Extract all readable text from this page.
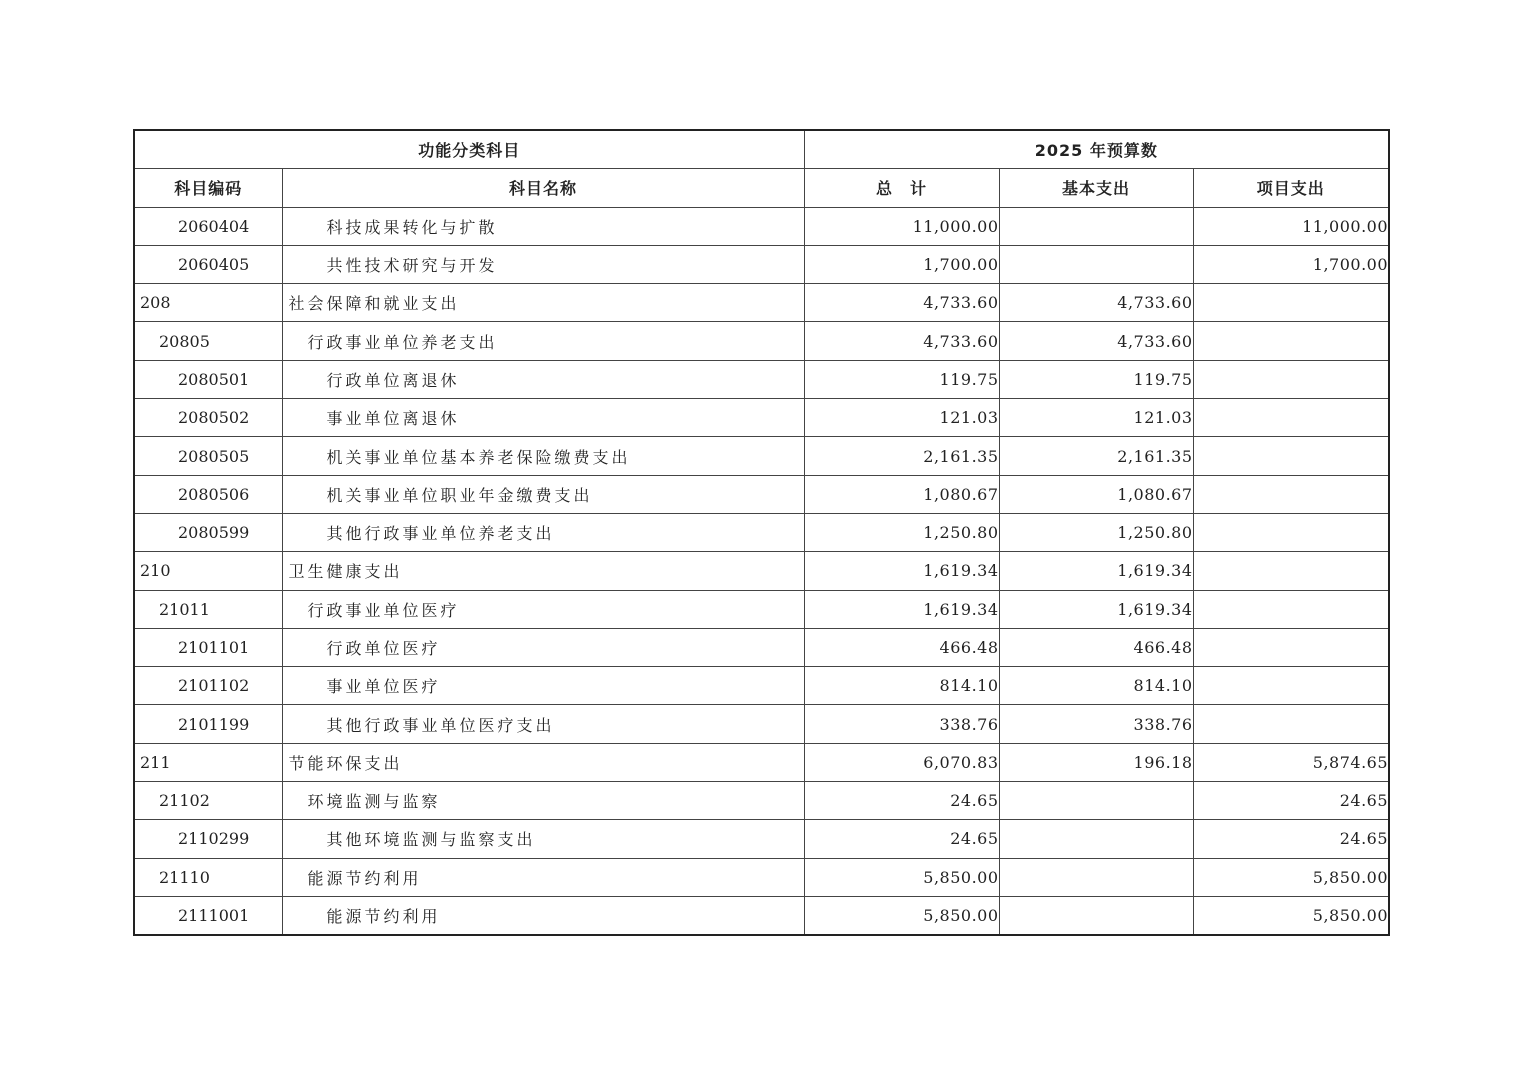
功能分类科目		2025 年预算数		
科目编码	科目名称	总　计	基本支出	项目支出
2060404	科技成果转化与扩散	11,000.00		11,000.00
2060405	共性技术研究与开发	1,700.00		1,700.00
208	社会保障和就业支出	4,733.60	4,733.60	
20805	行政事业单位养老支出	4,733.60	4,733.60	
2080501	行政单位离退休	119.75	119.75	
2080502	事业单位离退休	121.03	121.03	
2080505	机关事业单位基本养老保险缴费支出	2,161.35	2,161.35	
2080506	机关事业单位职业年金缴费支出	1,080.67	1,080.67	
2080599	其他行政事业单位养老支出	1,250.80	1,250.80	
210	卫生健康支出	1,619.34	1,619.34	
21011	行政事业单位医疗	1,619.34	1,619.34	
2101101	行政单位医疗	466.48	466.48	
2101102	事业单位医疗	814.10	814.10	
2101199	其他行政事业单位医疗支出	338.76	338.76	
211	节能环保支出	6,070.83	196.18	5,874.65
21102	环境监测与监察	24.65		24.65
2110299	其他环境监测与监察支出	24.65		24.65
21110	能源节约利用	5,850.00		5,850.00
2111001	能源节约利用	5,850.00		5,850.00
